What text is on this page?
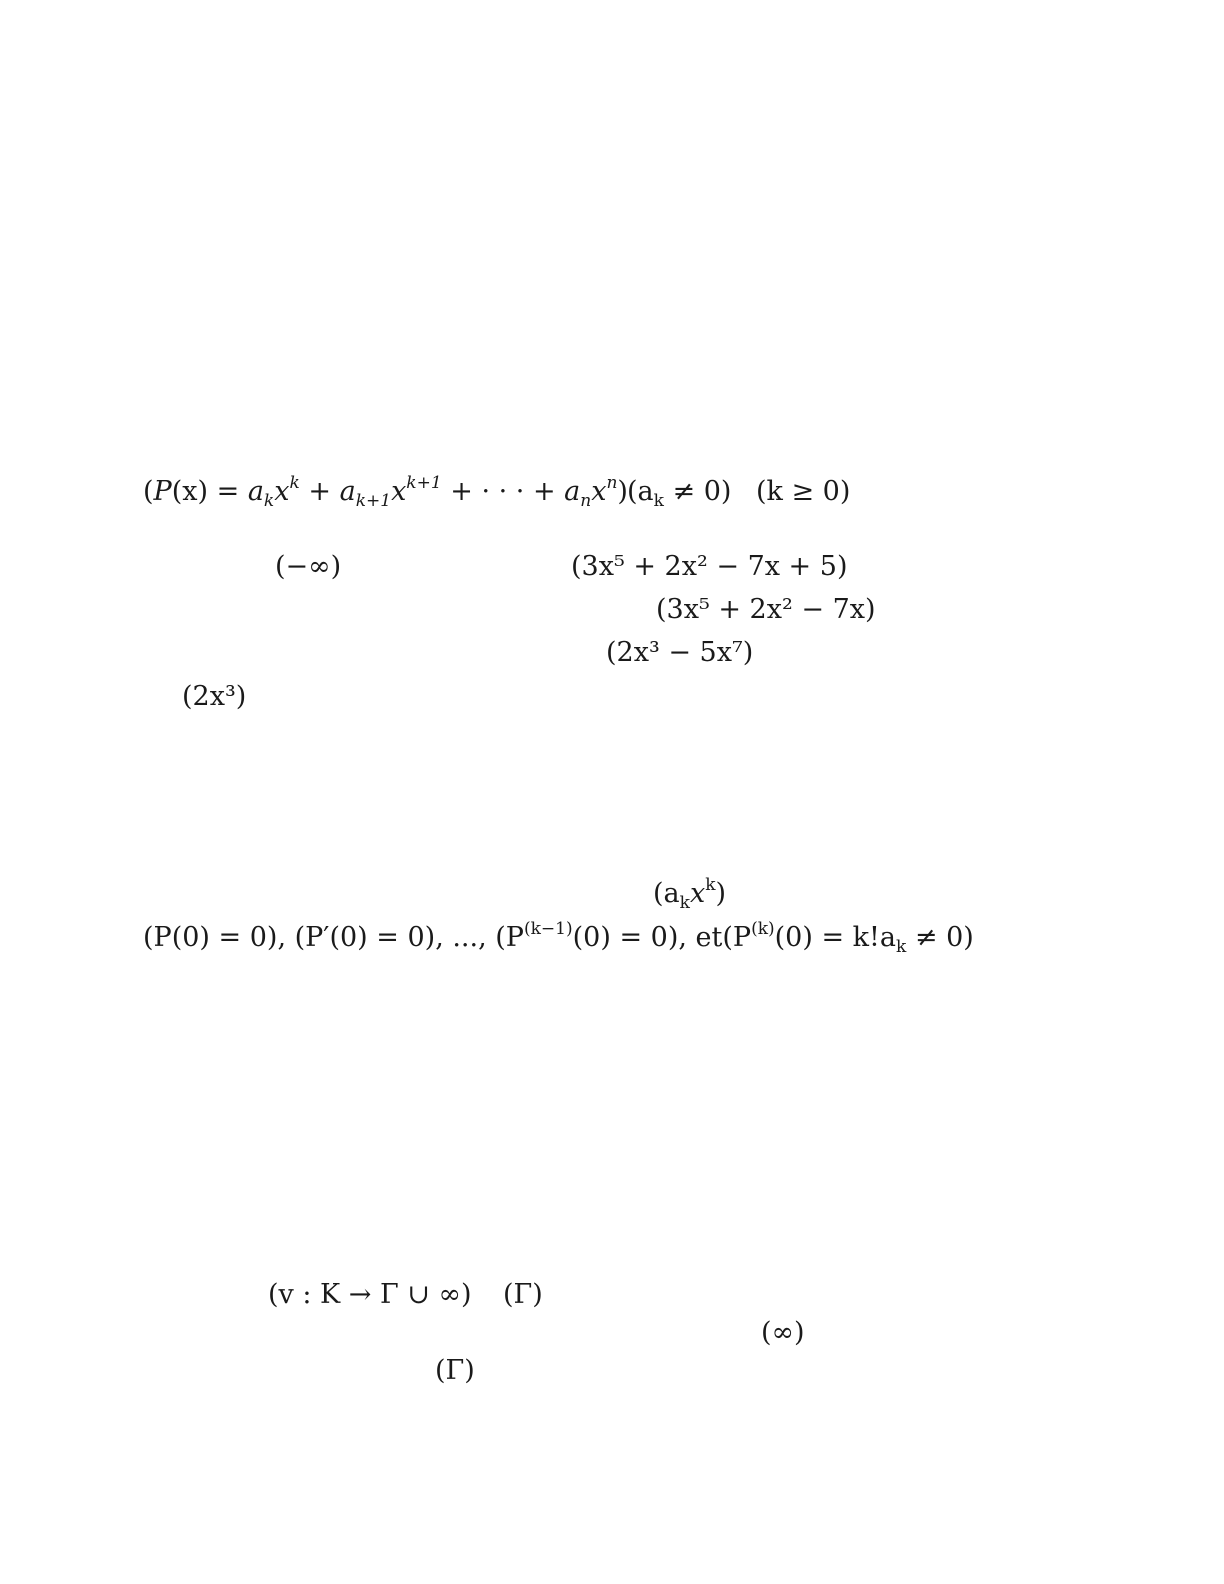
($P(x) = a_kx^k + a_{k+1}x^{k+1}$ + · · · + $a_nx^n$) $(a_k \ne 0) (k \ge 0)$
(−∞)	(3x⁵ + 2x² − 7x + 5)
(3x⁵ + 2x² − 7x)
(2x³ − 5x⁷)
(2x³)
$(a_kx^k)$
(P(0) = 0), (P′(0) = 0), ..., $(P^{(k-1)}(0) = 0)$, $et(P^{(k)}(0) = k!a_k \ne 0)$
(v : K → Γ ∪ ∞) (Γ)
(∞)
(Γ)
